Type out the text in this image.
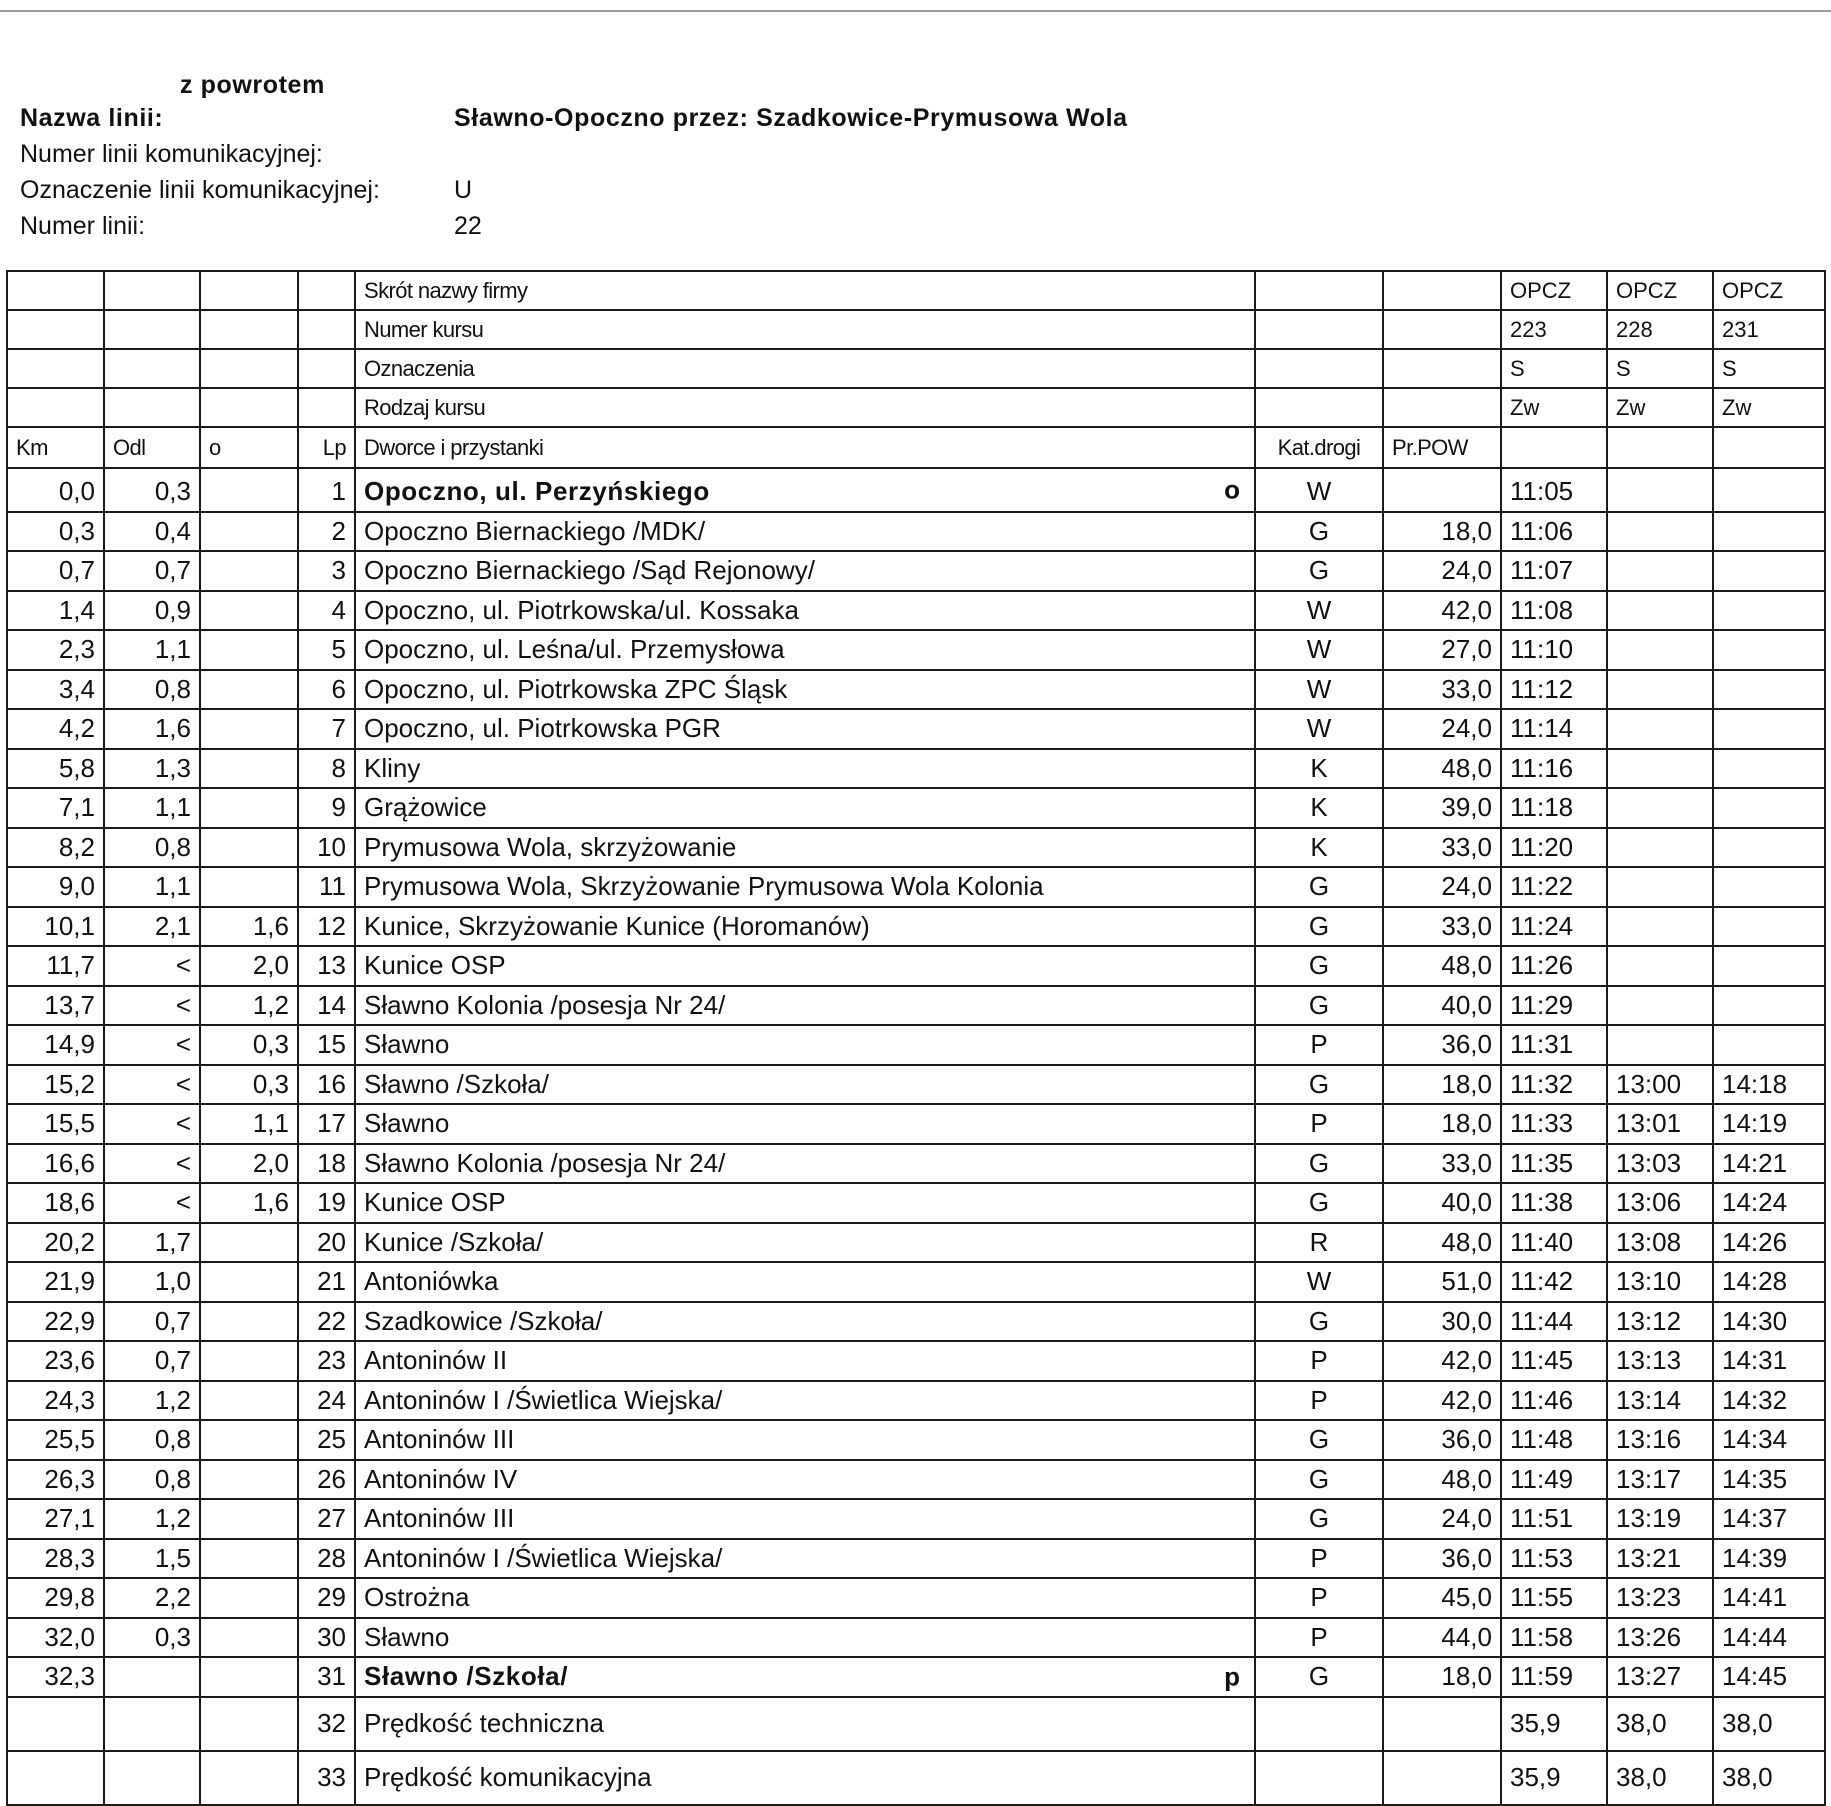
z powrotem
Nazwa linii:	Sławno-Opoczno przez: Szadkowice-Prymusowa Wola
Numer linii komunikacyjnej:
Oznaczenie linii komunikacyjnej:	U
Numer linii:	22
				Skrót nazwy firmy			OPCZ	OPCZ	OPCZ
				Numer kursu			223	228	231
				Oznaczenia			S	S	S
				Rodzaj kursu			Zw	Zw	Zw
Km	Odl	o	Lp	Dworce i przystanki	Kat.drogi	Pr.POW			
0,0	0,3		1	Opoczno, ul. Perzyńskiego o	W		11:05		
0,3	0,4		2	Opoczno Biernackiego /MDK/	G	18,0	11:06		
0,7	0,7		3	Opoczno Biernackiego /Sąd Rejonowy/	G	24,0	11:07		
1,4	0,9		4	Opoczno, ul. Piotrkowska/ul. Kossaka	W	42,0	11:08		
2,3	1,1		5	Opoczno, ul. Leśna/ul. Przemysłowa	W	27,0	11:10		
3,4	0,8		6	Opoczno, ul. Piotrkowska ZPC Śląsk	W	33,0	11:12		
4,2	1,6		7	Opoczno, ul. Piotrkowska PGR	W	24,0	11:14		
5,8	1,3		8	Kliny	K	48,0	11:16		
7,1	1,1		9	Grążowice	K	39,0	11:18		
8,2	0,8		10	Prymusowa Wola, skrzyżowanie	K	33,0	11:20		
9,0	1,1		11	Prymusowa Wola, Skrzyżowanie Prymusowa Wola Kolonia	G	24,0	11:22		
10,1	2,1	1,6	12	Kunice, Skrzyżowanie Kunice (Horomanów)	G	33,0	11:24		
11,7	<	2,0	13	Kunice OSP	G	48,0	11:26		
13,7	<	1,2	14	Sławno Kolonia /posesja Nr 24/	G	40,0	11:29		
14,9	<	0,3	15	Sławno	P	36,0	11:31		
15,2	<	0,3	16	Sławno /Szkoła/	G	18,0	11:32	13:00	14:18
15,5	<	1,1	17	Sławno	P	18,0	11:33	13:01	14:19
16,6	<	2,0	18	Sławno Kolonia /posesja Nr 24/	G	33,0	11:35	13:03	14:21
18,6	<	1,6	19	Kunice OSP	G	40,0	11:38	13:06	14:24
20,2	1,7		20	Kunice /Szkoła/	R	48,0	11:40	13:08	14:26
21,9	1,0		21	Antoniówka	W	51,0	11:42	13:10	14:28
22,9	0,7		22	Szadkowice /Szkoła/	G	30,0	11:44	13:12	14:30
23,6	0,7		23	Antoninów II	P	42,0	11:45	13:13	14:31
24,3	1,2		24	Antoninów I /Świetlica Wiejska/	P	42,0	11:46	13:14	14:32
25,5	0,8		25	Antoninów III	G	36,0	11:48	13:16	14:34
26,3	0,8		26	Antoninów IV	G	48,0	11:49	13:17	14:35
27,1	1,2		27	Antoninów III	G	24,0	11:51	13:19	14:37
28,3	1,5		28	Antoninów I /Świetlica Wiejska/	P	36,0	11:53	13:21	14:39
29,8	2,2		29	Ostrożna	P	45,0	11:55	13:23	14:41
32,0	0,3		30	Sławno	P	44,0	11:58	13:26	14:44
32,3			31	Sławno /Szkoła/ p	G	18,0	11:59	13:27	14:45
			32	Prędkość techniczna			35,9	38,0	38,0
			33	Prędkość komunikacyjna			35,9	38,0	38,0
